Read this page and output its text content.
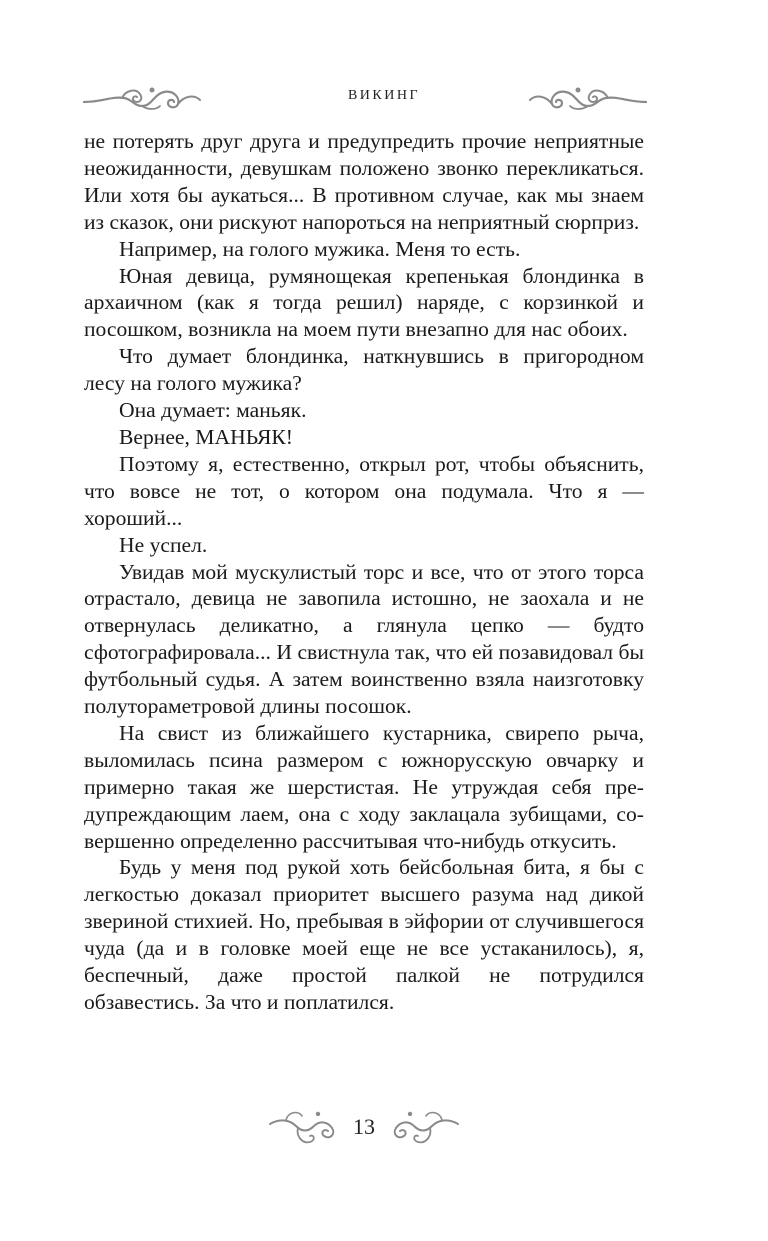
ВИКИНГ

не потерять друг друга и предупредить прочие неприятные неожиданности, девушкам положено звонко перекликаться. Или хотя бы аукаться... В противном случае, как мы знаем из сказок, они рискуют напороться на неприятный сюрприз.

Например, на голого мужика. Меня то есть.

Юная девица, румянощекая крепенькая блондинка в архаичном (как я тогда решил) наряде, с корзинкой и посошком, возникла на моем пути внезапно для нас обоих.

Что думает блондинка, наткнувшись в пригородном лесу на голого мужика?

Она думает: маньяк.

Вернее, МАНЬЯК!

Поэтому я, естественно, открыл рот, чтобы объяснить, что вовсе не тот, о котором она подумала. Что я — хороший...

Не успел.

Увидав мой мускулистый торс и все, что от этого торса отрастало, девица не завопила истошно, не заохала и не отвернулась деликатно, а глянула цепко — будто сфотографировала... И свистнула так, что ей позавидовал бы футбольный судья. А затем воинственно взяла наизготовку полутораметровой длины посошок.

На свист из ближайшего кустарника, свирепо рыча, выломилась псина размером с южнорусскую овчарку и примерно такая же шерстистая. Не утруждая себя предупреждающим лаем, она с ходу заклацала зубищами, совершенно определенно рассчитывая что-нибудь откусить.

Будь у меня под рукой хоть бейсбольная бита, я бы с легкостью доказал приоритет высшего разума над дикой звериной стихией. Но, пребывая в эйфории от случившегося чуда (да и в головке моей еще не все устаканилось), я, беспечный, даже простой палкой не потрудился обзавестись. За что и поплатился.

13
